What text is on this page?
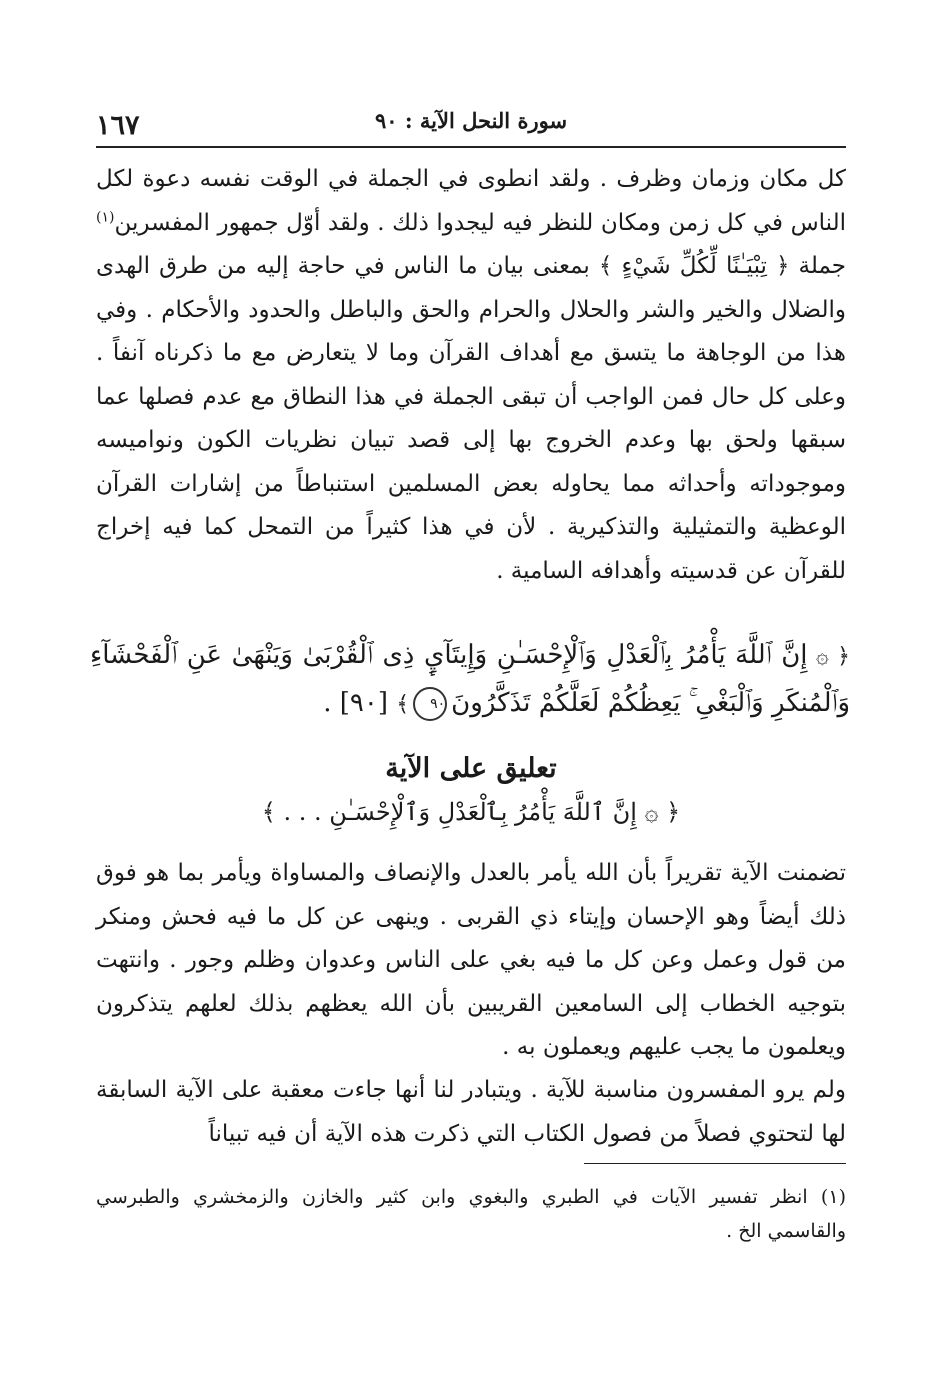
١٦٧	سورة النحل الآية : ٩٠

كل مكان وزمان وظرف . ولقد انطوى في الجملة في الوقت نفسه دعوة لكل الناس في كل زمن ومكان للنظر فيه ليجدوا ذلك . ولقد أوّل جمهور المفسرين$^{(١)}$ جملة ﴿ تِبْيَـٰنًا لِّكُلِّ شَيْءٍ ﴾ بمعنى بيان ما الناس في حاجة إليه من طرق الهدى والضلال والخير والشر والحلال والحرام والحق والباطل والحدود والأحكام . وفي هذا من الوجاهة ما يتسق مع أهداف القرآن وما لا يتعارض مع ما ذكرناه آنفاً . وعلى كل حال فمن الواجب أن تبقى الجملة في هذا النطاق مع عدم فصلها عما سبقها ولحق بها وعدم الخروج بها إلى قصد تبيان نظريات الكون ونواميسه وموجوداته وأحداثه مما يحاوله بعض المسلمين استنباطاً من إشارات القرآن الوعظية والتمثيلية والتذكيرية . لأن في هذا كثيراً من التمحل كما فيه إخراج للقرآن عن قدسيته وأهدافه السامية .

﴿ ۞ إِنَّ ٱللَّهَ يَأْمُرُ بِٱلْعَدْلِ وَٱلْإِحْسَـٰنِ وَإِيتَآيِٕ ذِى ٱلْقُرْبَىٰ وَيَنْهَىٰ عَنِ ٱلْفَحْشَآءِ وَٱلْمُنكَرِ وَٱلْبَغْىِ ۚ يَعِظُكُمْ لَعَلَّكُمْ تَذَكَّرُونَ٩٠﴾ [٩٠] .

تعليق على الآية

﴿ ۞ إِنَّ ٱللَّهَ يَأْمُرُ بِٱلْعَدْلِ وَٱلْإِحْسَـٰنِ . . . ﴾

تضمنت الآية تقريراً بأن الله يأمر بالعدل والإنصاف والمساواة ويأمر بما هو فوق ذلك أيضاً وهو الإحسان وإيتاء ذي القربى . وينهى عن كل ما فيه فحش ومنكر من قول وعمل وعن كل ما فيه بغي على الناس وعدوان وظلم وجور . وانتهت بتوجيه الخطاب إلى السامعين القريبين بأن الله يعظهم بذلك لعلهم يتذكرون ويعلمون ما يجب عليهم ويعملون به .

ولم يرو المفسرون مناسبة للآية . ويتبادر لنا أنها جاءت معقبة على الآية السابقة لها لتحتوي فصلاً من فصول الكتاب التي ذكرت هذه الآية أن فيه تبياناً

(١) انظر تفسير الآيات في الطبري والبغوي وابن كثير والخازن والزمخشري والطبرسي والقاسمي الخ .
